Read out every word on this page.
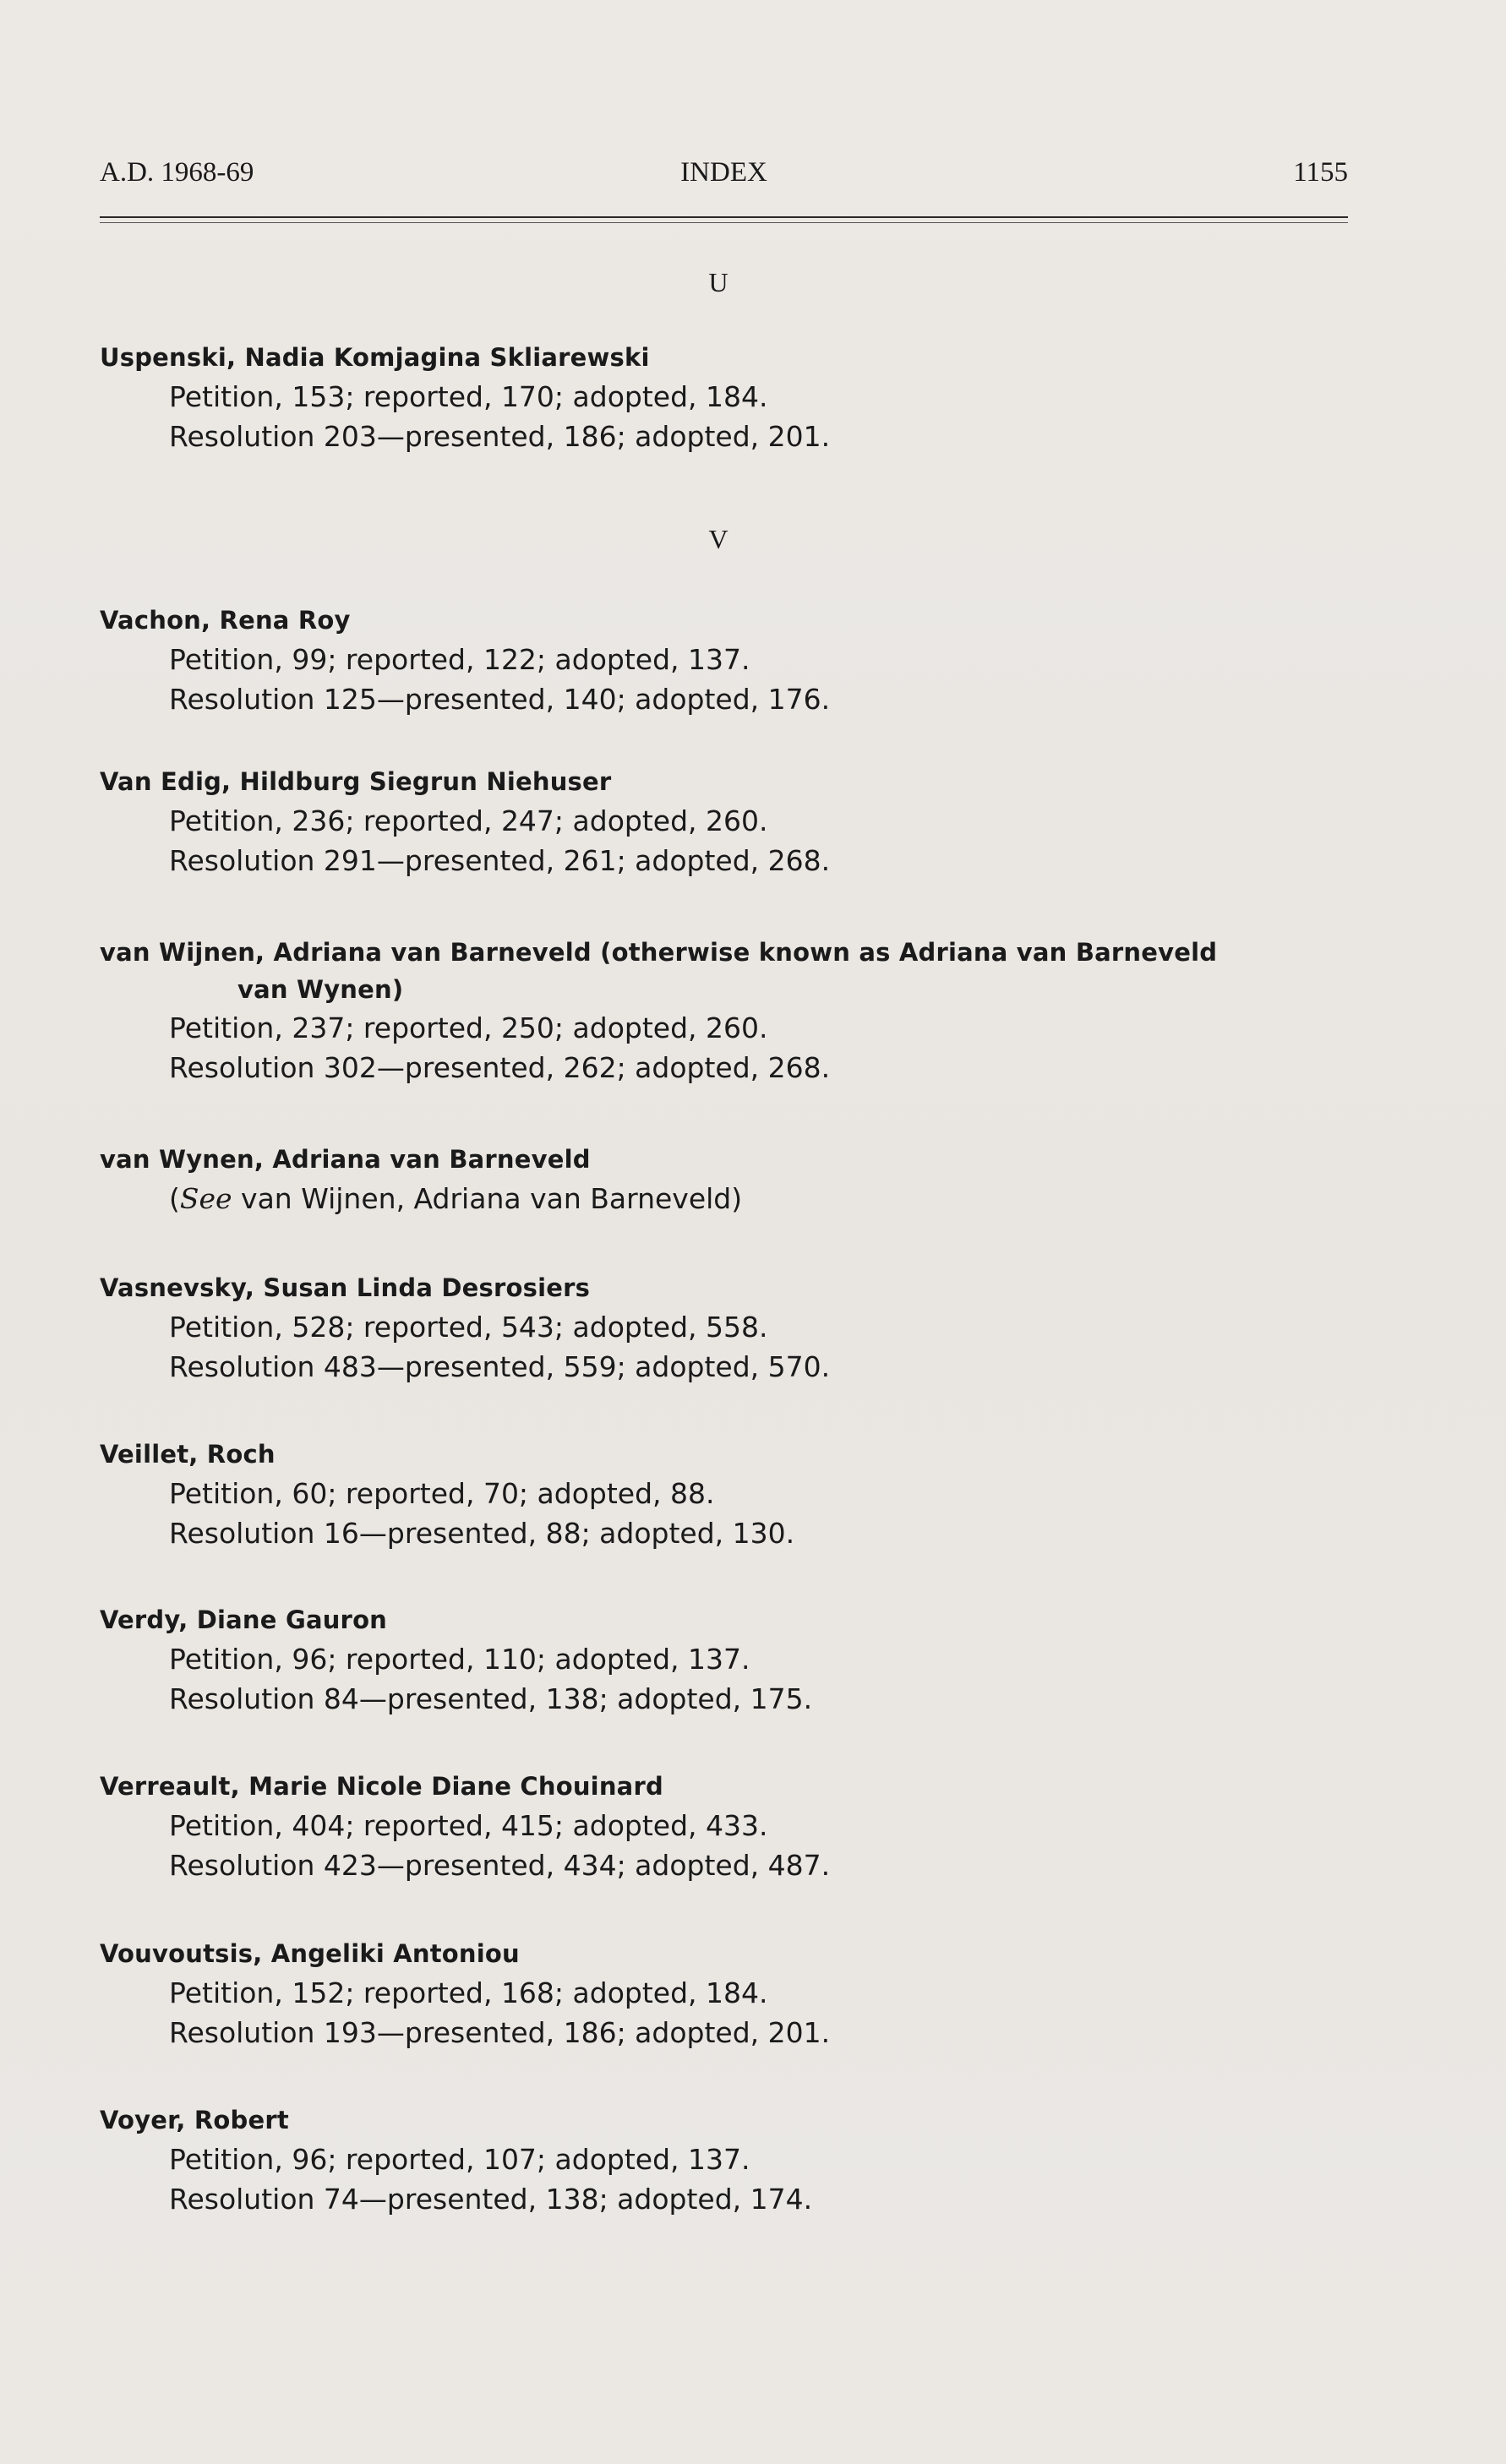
A.D. 1968-69	INDEX	1155
U
Uspenski, Nadia Komjagina Skliarewski
Petition, 153; reported, 170; adopted, 184.
Resolution 203—presented, 186; adopted, 201.
V
Vachon, Rena Roy
Petition, 99; reported, 122; adopted, 137.
Resolution 125—presented, 140; adopted, 176.
Van Edig, Hildburg Siegrun Niehuser
Petition, 236; reported, 247; adopted, 260.
Resolution 291—presented, 261; adopted, 268.
van Wijnen, Adriana van Barneveld (otherwise known as Adriana van Barneveld
van Wynen)
Petition, 237; reported, 250; adopted, 260.
Resolution 302—presented, 262; adopted, 268.
van Wynen, Adriana van Barneveld
(See van Wijnen, Adriana van Barneveld)
Vasnevsky, Susan Linda Desrosiers
Petition, 528; reported, 543; adopted, 558.
Resolution 483—presented, 559; adopted, 570.
Veillet, Roch
Petition, 60; reported, 70; adopted, 88.
Resolution 16—presented, 88; adopted, 130.
Verdy, Diane Gauron
Petition, 96; reported, 110; adopted, 137.
Resolution 84—presented, 138; adopted, 175.
Verreault, Marie Nicole Diane Chouinard
Petition, 404; reported, 415; adopted, 433.
Resolution 423—presented, 434; adopted, 487.
Vouvoutsis, Angeliki Antoniou
Petition, 152; reported, 168; adopted, 184.
Resolution 193—presented, 186; adopted, 201.
Voyer, Robert
Petition, 96; reported, 107; adopted, 137.
Resolution 74—presented, 138; adopted, 174.
